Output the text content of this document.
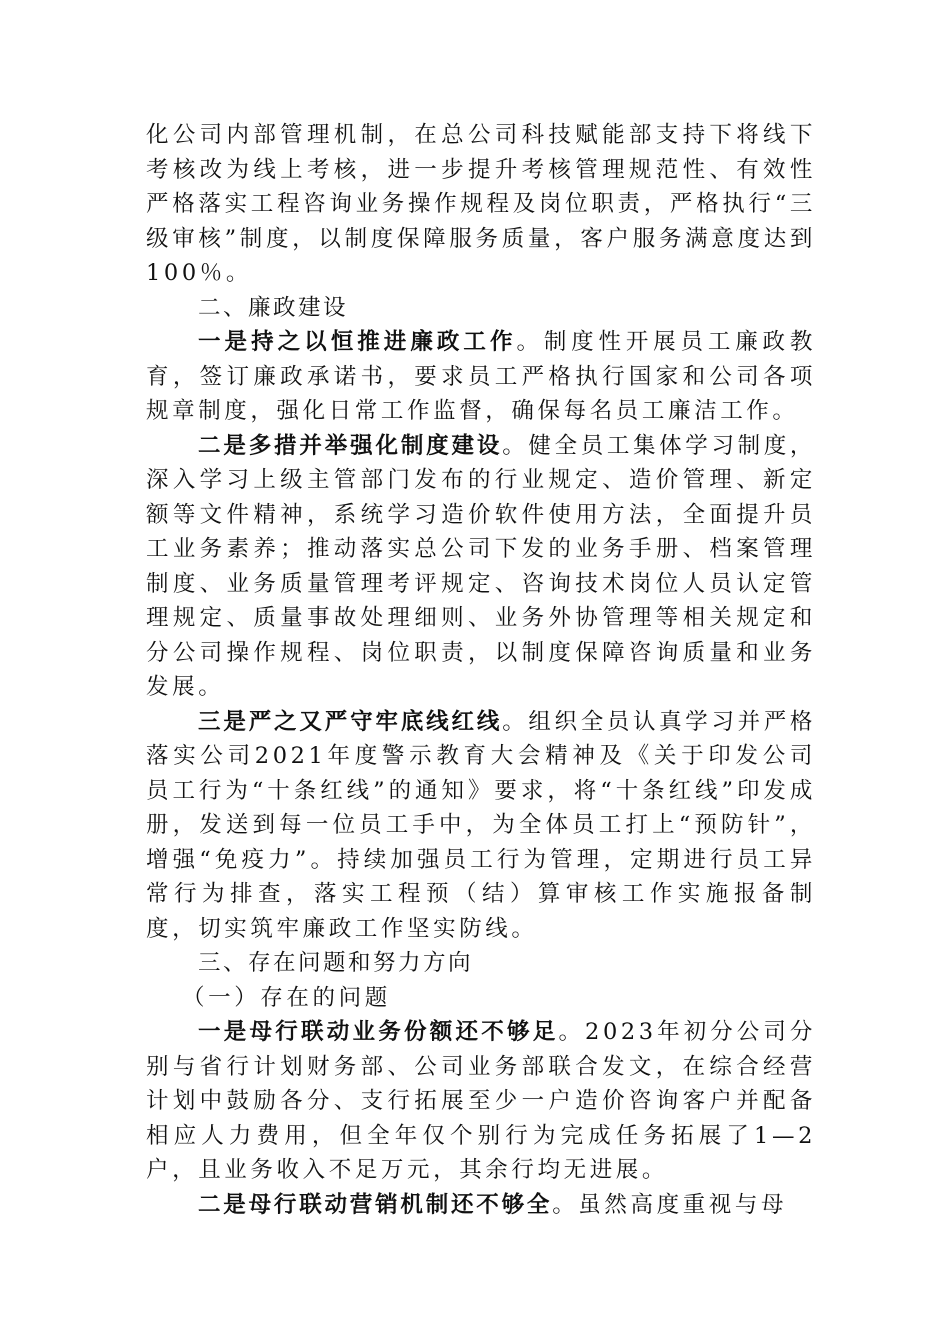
化公司内部管理机制，在总公司科技赋能部支持下将线下考核改为线上考核，进一步提升考核管理规范性、有效性严格落实工程咨询业务操作规程及岗位职责，严格执行“三级审核”制度，以制度保障服务质量，客户服务满意度达到100％。

二、廉政建设

一是持之以恒推进廉政工作。制度性开展员工廉政教育，签订廉政承诺书，要求员工严格执行国家和公司各项规章制度，强化日常工作监督，确保每名员工廉洁工作。

二是多措并举强化制度建设。健全员工集体学习制度，深入学习上级主管部门发布的行业规定、造价管理、新定额等文件精神，系统学习造价软件使用方法，全面提升员工业务素养；推动落实总公司下发的业务手册、档案管理制度、业务质量管理考评规定、咨询技术岗位人员认定管理规定、质量事故处理细则、业务外协管理等相关规定和分公司操作规程、岗位职责，以制度保障咨询质量和业务发展。

三是严之又严守牢底线红线。组织全员认真学习并严格落实公司2021年度警示教育大会精神及《关于印发公司员工行为“十条红线”的通知》要求，将“十条红线”印发成册，发送到每一位员工手中，为全体员工打上“预防针”，增强“免疫力”。持续加强员工行为管理，定期进行员工异常行为排查，落实工程预（结）算审核工作实施报备制度，切实筑牢廉政工作坚实防线。

三、存在问题和努力方向

（一）存在的问题

一是母行联动业务份额还不够足。2023年初分公司分别与省行计划财务部、公司业务部联合发文，在综合经营计划中鼓励各分、支行拓展至少一户造价咨询客户并配备相应人力费用，但全年仅个别行为完成任务拓展了1—2户，且业务收入不足万元，其余行均无进展。

二是母行联动营销机制还不够全。虽然高度重视与母
